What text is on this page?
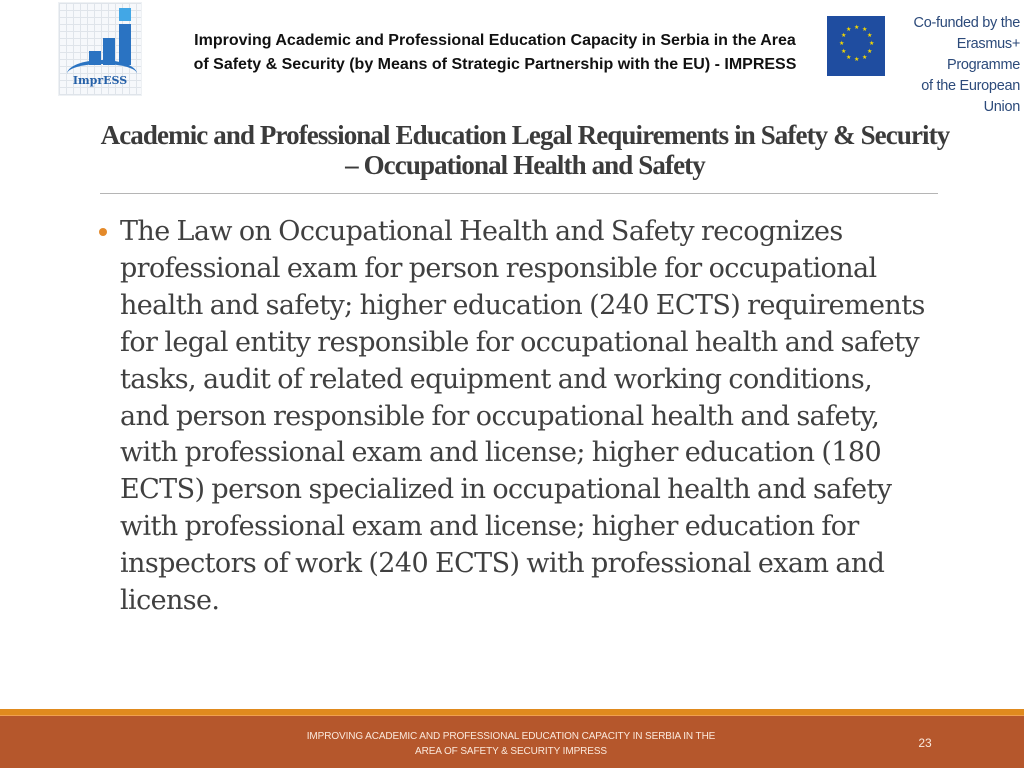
ImprESS
Improving Academic and Professional Education Capacity in Serbia in the Area of Safety & Security (by Means of Strategic Partnership with the EU) - IMPRESS
★ ★
★
★
★
★
★
★
★
★
★
★	Co-funded by the
Erasmus+ Programme
of the European Union
Academic and Professional Education Legal Requirements in Safety & Security – Occupational Health and Safety
The Law on Occupational Health and Safety recognizes professional exam for person responsible for occupational health and safety; higher education (240 ECTS) requirements for legal entity responsible for occupational health and safety tasks, audit of related equipment and working conditions, and person responsible for occupational health and safety, with professional exam and license; higher education (180 ECTS) person specialized in occupational health and safety with professional exam and license; higher education for inspectors of work (240 ECTS) with professional exam and license.
IMPROVING ACADEMIC AND PROFESSIONAL EDUCATION CAPACITY IN SERBIA IN THE AREA OF SAFETY & SECURITY IMPRESS
23
